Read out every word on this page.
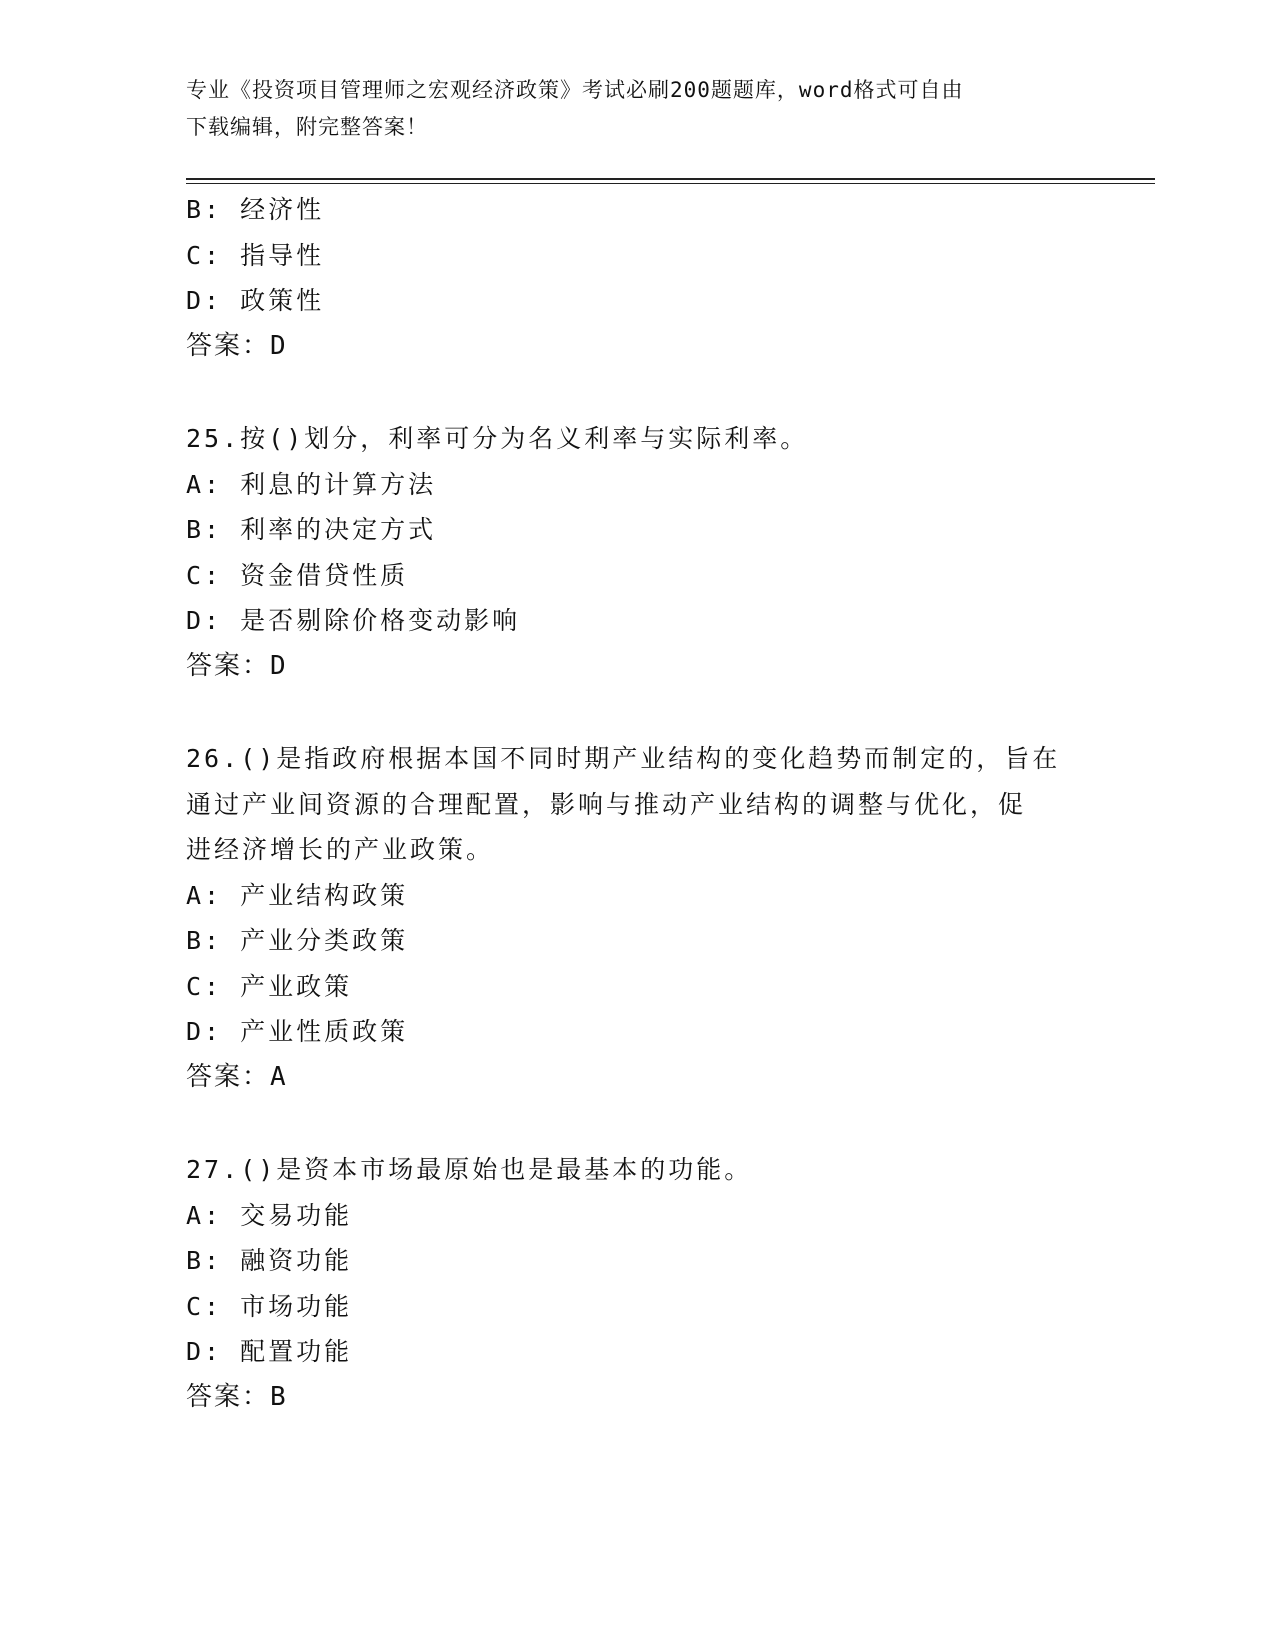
专业《投资项目管理师之宏观经济政策》考试必刷200题题库，word格式可自由
下载编辑，附完整答案！
B: 经济性
C: 指导性
D: 政策性
答案：D
25.按()划分，利率可分为名义利率与实际利率。
A: 利息的计算方法
B: 利率的决定方式
C: 资金借贷性质
D: 是否剔除价格变动影响
答案：D
26.()是指政府根据本国不同时期产业结构的变化趋势而制定的，旨在
通过产业间资源的合理配置，影响与推动产业结构的调整与优化，促
进经济增长的产业政策。
A: 产业结构政策
B: 产业分类政策
C: 产业政策
D: 产业性质政策
答案：A
27.()是资本市场最原始也是最基本的功能。
A: 交易功能
B: 融资功能
C: 市场功能
D: 配置功能
答案：B
